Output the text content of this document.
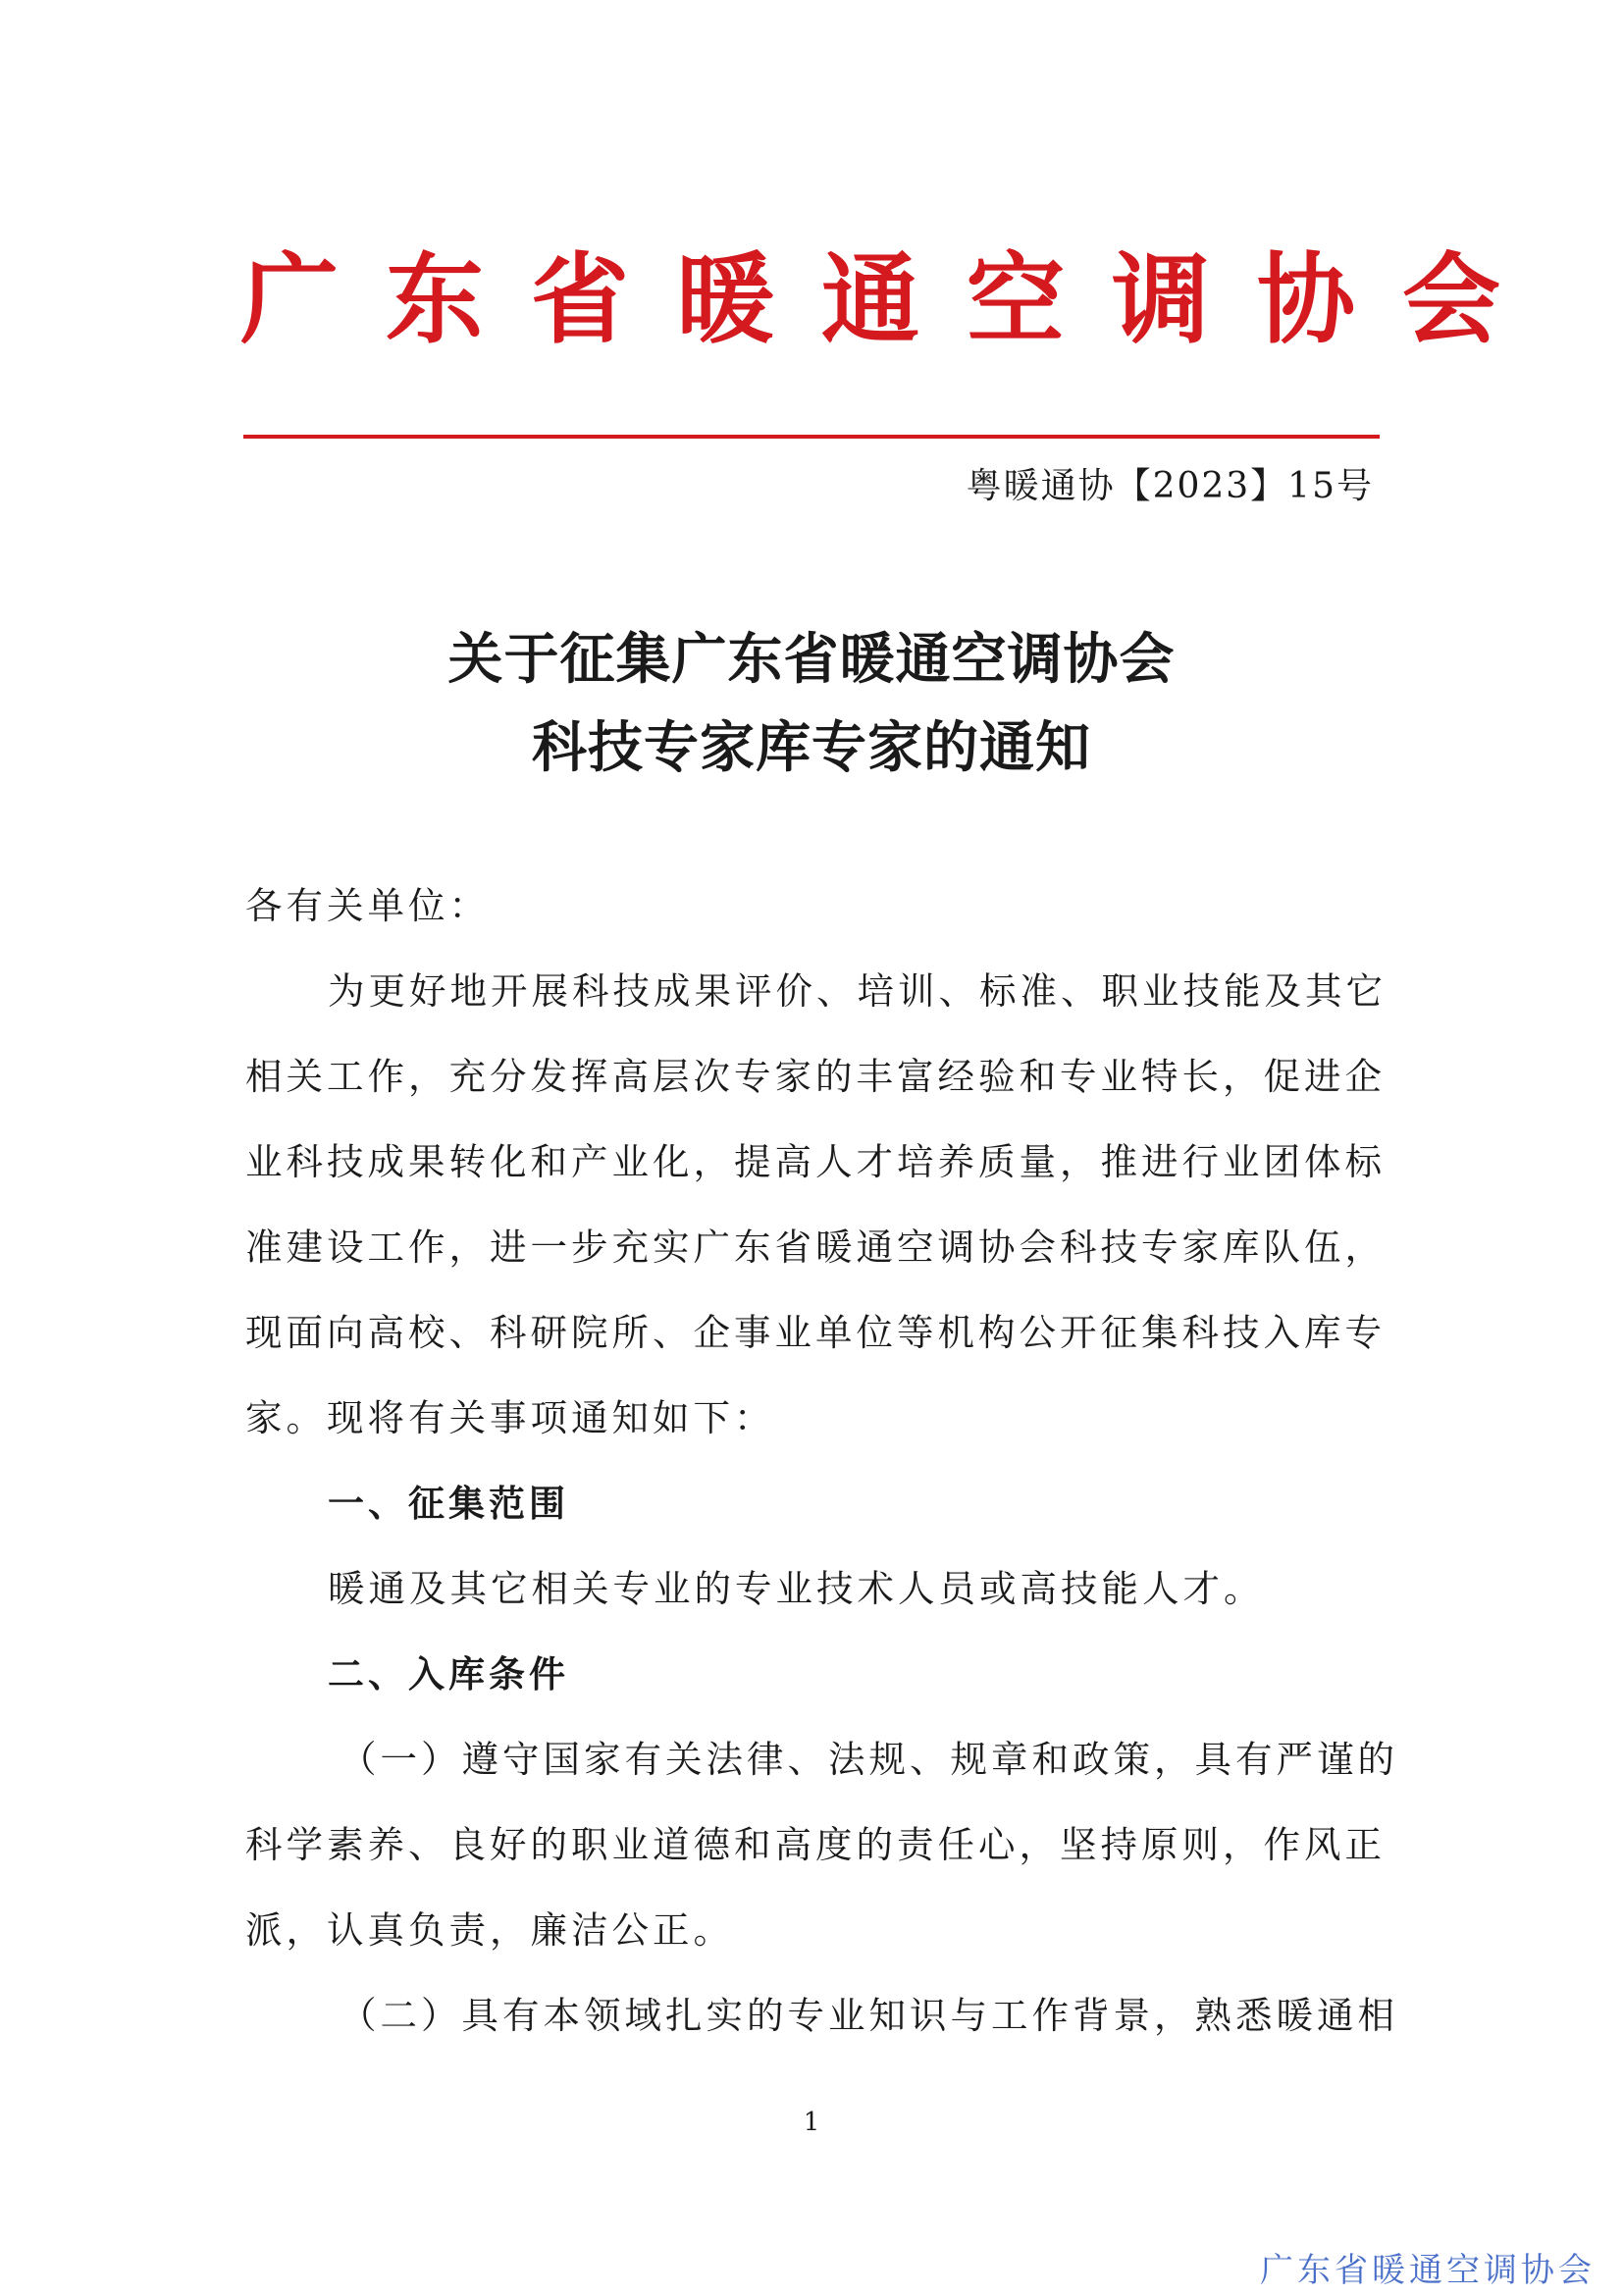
广东省暖通空调协会
粤暖通协【2023】15号
关于征集广东省暖通空调协会
科技专家库专家的通知
各有关单位：
为更好地开展科技成果评价、培训、标准、职业技能及其它
相关工作，充分发挥高层次专家的丰富经验和专业特长，促进企
业科技成果转化和产业化，提高人才培养质量，推进行业团体标
准建设工作，进一步充实广东省暖通空调协会科技专家库队伍，
现面向高校、科研院所、企事业单位等机构公开征集科技入库专
家。现将有关事项通知如下：
一、征集范围
暖通及其它相关专业的专业技术人员或高技能人才。
二、入库条件
（一）遵守国家有关法律、法规、规章和政策，具有严谨的
科学素养、良好的职业道德和高度的责任心，坚持原则，作风正
派，认真负责，廉洁公正。
（二）具有本领域扎实的专业知识与工作背景，熟悉暖通相
1
广东省暖通空调协会
